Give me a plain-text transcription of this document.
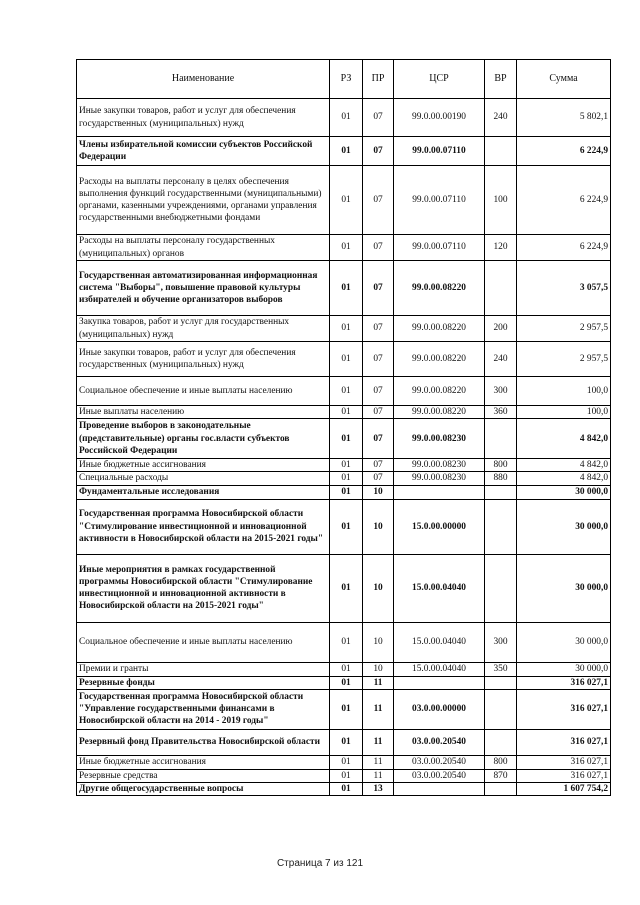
Наименование	РЗ	ПР	ЦСР	ВР	Сумма
Иные закупки товаров, работ и услуг для обеспечения государственных (муниципальных) нужд	01	07	99.0.00.00190	240	5 802,1
Члены избирательной комиссии субъектов Российской Федерации	01	07	99.0.00.07110		6 224,9
Расходы на выплаты персоналу в целях обеспечения выполнения функций государственными (муниципальными) органами, казенными учреждениями, органами управления государственными внебюджетными фондами	01	07	99.0.00.07110	100	6 224,9
Расходы на выплаты персоналу государственных (муниципальных) органов	01	07	99.0.00.07110	120	6 224,9
Государственная автоматизированная информационная система "Выборы", повышение правовой культуры избирателей и обучение организаторов выборов	01	07	99.0.00.08220		3 057,5
Закупка товаров, работ и услуг для государственных (муниципальных) нужд	01	07	99.0.00.08220	200	2 957,5
Иные закупки товаров, работ и услуг для обеспечения государственных (муниципальных) нужд	01	07	99.0.00.08220	240	2 957,5
Социальное обеспечение и иные выплаты населению	01	07	99.0.00.08220	300	100,0
Иные выплаты населению	01	07	99.0.00.08220	360	100,0
Проведение выборов в законодательные (представительные) органы гос.власти субъектов Российской Федерации	01	07	99.0.00.08230		4 842,0
Иные бюджетные ассигнования	01	07	99.0.00.08230	800	4 842,0
Специальные расходы	01	07	99.0.00.08230	880	4 842,0
Фундаментальные исследования	01	10			30 000,0
Государственная программа Новосибирской области "Стимулирование инвестиционной и инновационной активности в Новосибирской области на 2015-2021 годы"	01	10	15.0.00.00000		30 000,0
Иные мероприятия в рамках государственной программы Новосибирской области "Стимулирование инвестиционной и инновационной активности в Новосибирской области на 2015-2021 годы"	01	10	15.0.00.04040		30 000,0
Социальное обеспечение и иные выплаты населению	01	10	15.0.00.04040	300	30 000,0
Премии и гранты	01	10	15.0.00.04040	350	30 000,0
Резервные фонды	01	11			316 027,1
Государственная программа Новосибирской области "Управление государственными финансами в Новосибирской области на 2014 - 2019 годы"	01	11	03.0.00.00000		316 027,1
Резервный фонд Правительства Новосибирской области	01	11	03.0.00.20540		316 027,1
Иные бюджетные ассигнования	01	11	03.0.00.20540	800	316 027,1
Резервные средства	01	11	03.0.00.20540	870	316 027,1
Другие общегосударственные вопросы	01	13			1 607 754,2
Страница 7 из 121
